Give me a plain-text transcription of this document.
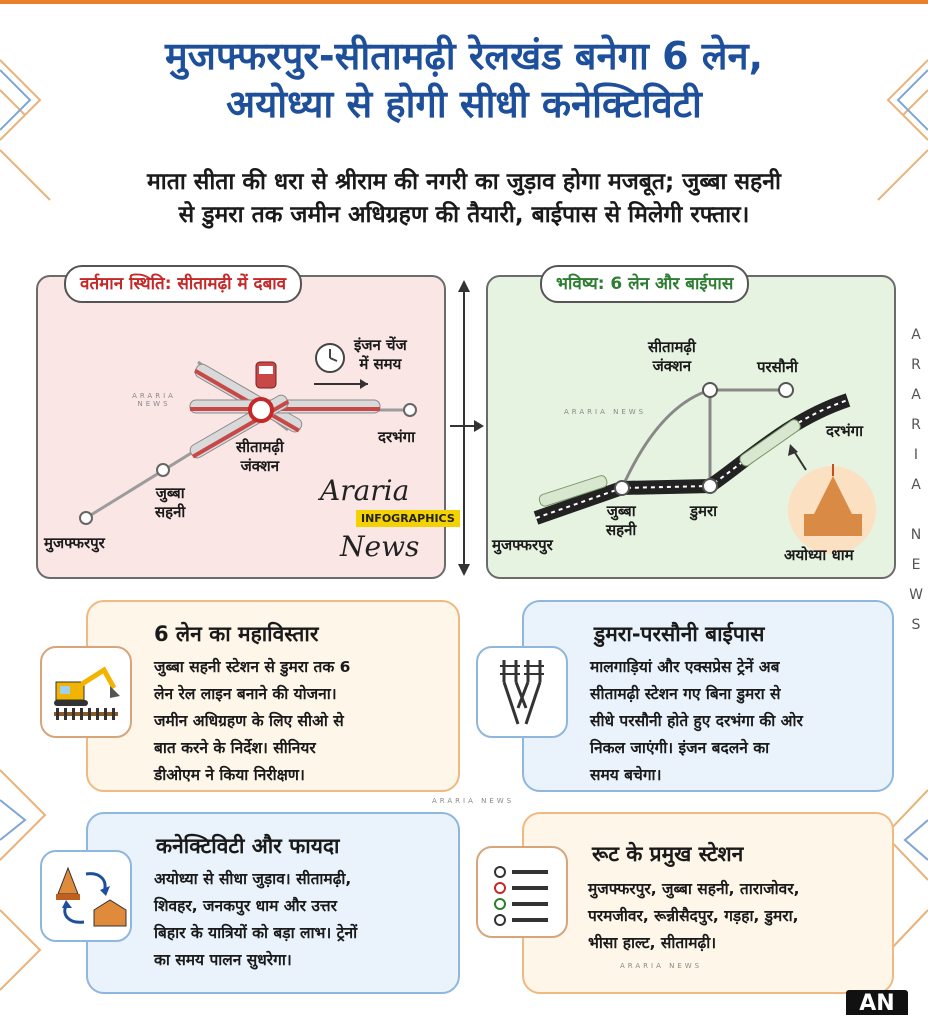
मुजफ्फरपुर-सीतामढ़ी रेलखंड बनेगा 6 लेन,
अयोध्या से होगी सीधी कनेक्टिविटी
माता सीता की धरा से श्रीराम की नगरी का जुड़ाव होगा मजबूत; जुब्बा सहनी
से डुमरा तक जमीन अधिग्रहण की तैयारी, बाईपास से मिलेगी रफ्तार।
वर्तमान स्थिति: सीतामढ़ी में दबाव
इंजन चेंज
में समय
सीतामढ़ी
जंक्शन
दरभंगा
जुब्बा
सहनी
मुजफ्फरपुर
ARARIA NEWS
Araria
INFOGRAPHICS
News
भविष्य: 6 लेन और बाईपास
सीतामढ़ी
जंक्शन	परसौनी
दरभंगा
जुब्बा
सहनी
डुमरा
मुजफ्फरपुर
अयोध्या धाम
ARARIA NEWS
A
R
A
R
I
A
N
E
W
S
6 लेन का महाविस्तार
जुब्बा सहनी स्टेशन से डुमरा तक 6
लेन रेल लाइन बनाने की योजना।
जमीन अधिग्रहण के लिए सीओ से
बात करने के निर्देश। सीनियर
डीओएम ने किया निरीक्षण।
डुमरा-परसौनी बाईपास
मालगाड़ियां और एक्सप्रेस ट्रेनें अब
सीतामढ़ी स्टेशन गए बिना डुमरा से
सीधे परसौनी होते हुए दरभंगा की ओर
निकल जाएंगी। इंजन बदलने का
समय बचेगा।
ARARIA NEWS
कनेक्टिविटी और फायदा
अयोध्या से सीधा जुड़ाव। सीतामढ़ी,
शिवहर, जनकपुर धाम और उत्तर
बिहार के यात्रियों को बड़ा लाभ। ट्रेनों
का समय पालन सुधरेगा।
रूट के प्रमुख स्टेशन
मुजफ्फरपुर, जुब्बा सहनी, ताराजोवर,
परमजीवर, रून्नीसैदपुर, गड़हा, डुमरा,
भीसा हाल्ट, सीतामढ़ी।
ARARIA NEWS
AN
